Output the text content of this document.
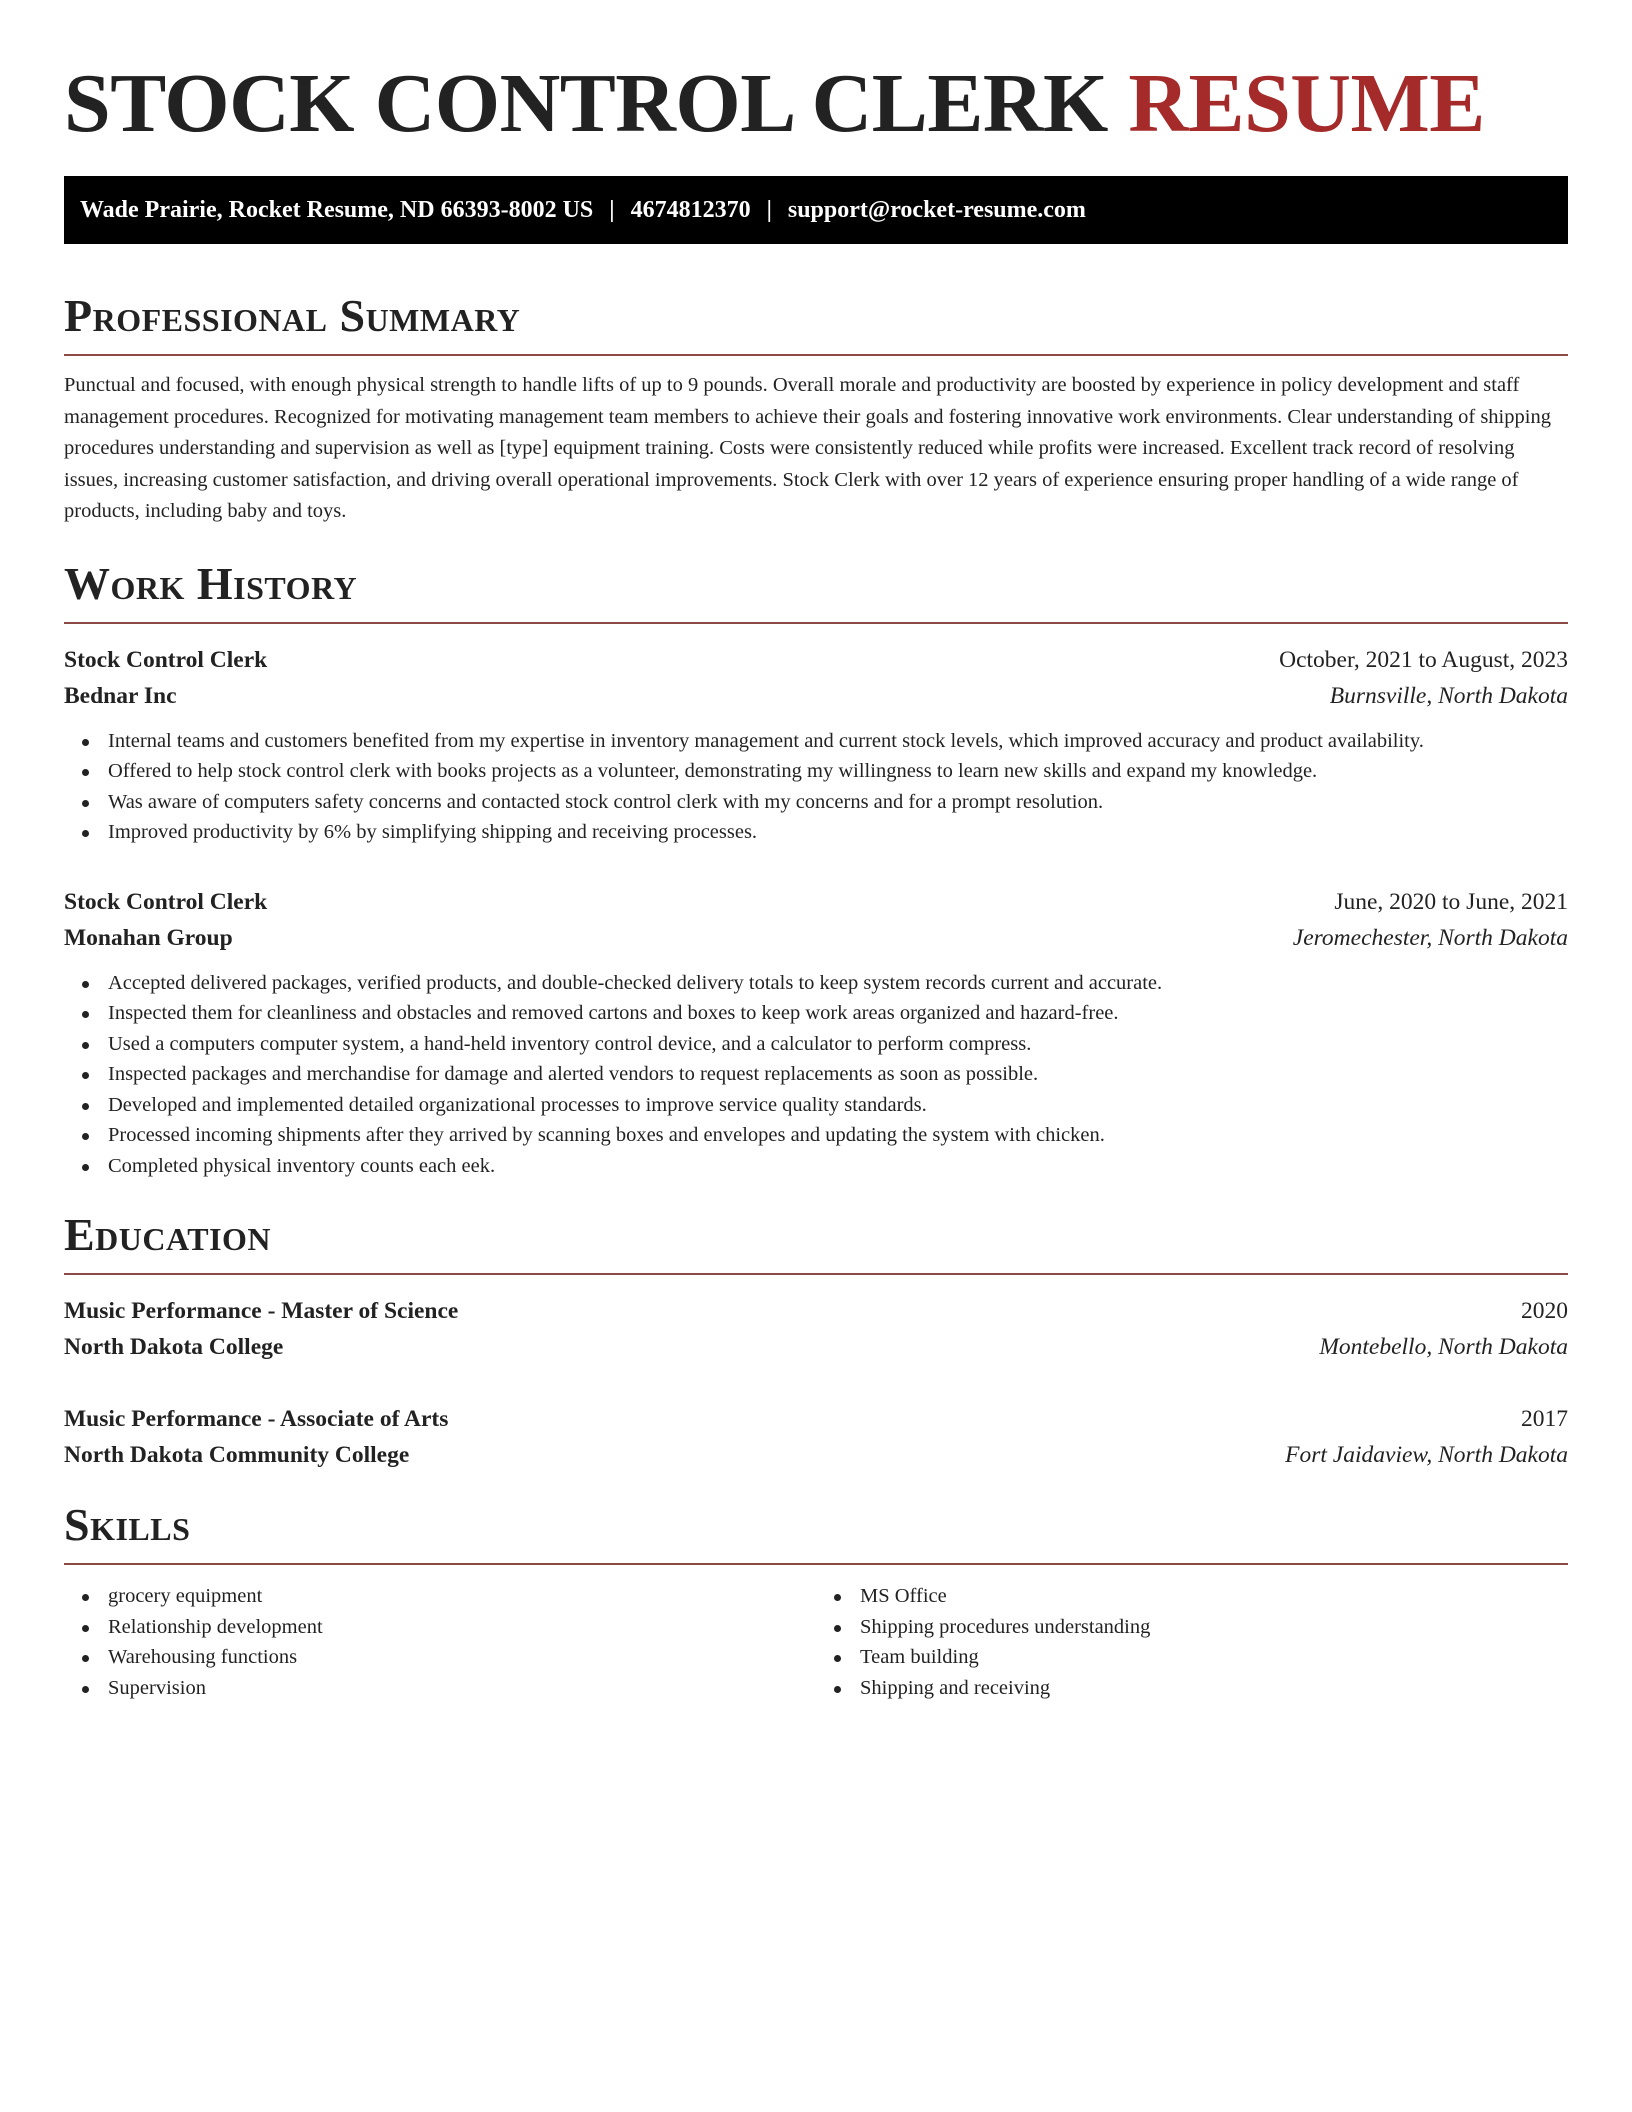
STOCK CONTROL CLERK RESUME
Wade Prairie, Rocket Resume, ND 66393-8002 US | 4674812370 | support@rocket-resume.com
Professional Summary

Punctual and focused, with enough physical strength to handle lifts of up to 9 pounds. Overall morale and productivity are boosted by experience in policy development and staff management procedures. Recognized for motivating management team members to achieve their goals and fostering innovative work environments. Clear understanding of shipping procedures understanding and supervision as well as [type] equipment training. Costs were consistently reduced while profits were increased. Excellent track record of resolving issues, increasing customer satisfaction, and driving overall operational improvements. Stock Clerk with over 12 years of experience ensuring proper handling of a wide range of products, including baby and toys.

Work History
Stock Control Clerk	October, 2021 to August, 2023
Bednar Inc	Burnsville, North Dakota
Internal teams and customers benefited from my expertise in inventory management and current stock levels, which improved accuracy and product availability.
Offered to help stock control clerk with books projects as a volunteer, demonstrating my willingness to learn new skills and expand my knowledge.
Was aware of computers safety concerns and contacted stock control clerk with my concerns and for a prompt resolution.
Improved productivity by 6% by simplifying shipping and receiving processes.
Stock Control Clerk	June, 2020 to June, 2021
Monahan Group	Jeromechester, North Dakota
Accepted delivered packages, verified products, and double-checked delivery totals to keep system records current and accurate.
Inspected them for cleanliness and obstacles and removed cartons and boxes to keep work areas organized and hazard-free.
Used a computers computer system, a hand-held inventory control device, and a calculator to perform compress.
Inspected packages and merchandise for damage and alerted vendors to request replacements as soon as possible.
Developed and implemented detailed organizational processes to improve service quality standards.
Processed incoming shipments after they arrived by scanning boxes and envelopes and updating the system with chicken.
Completed physical inventory counts each eek.
Education
Music Performance - Master of Science	2020
North Dakota College	Montebello, North Dakota
Music Performance - Associate of Arts	2017
North Dakota Community College	Fort Jaidaview, North Dakota
Skills
grocery equipment
Relationship development
Warehousing functions
Supervision
MS Office
Shipping procedures understanding
Team building
Shipping and receiving
